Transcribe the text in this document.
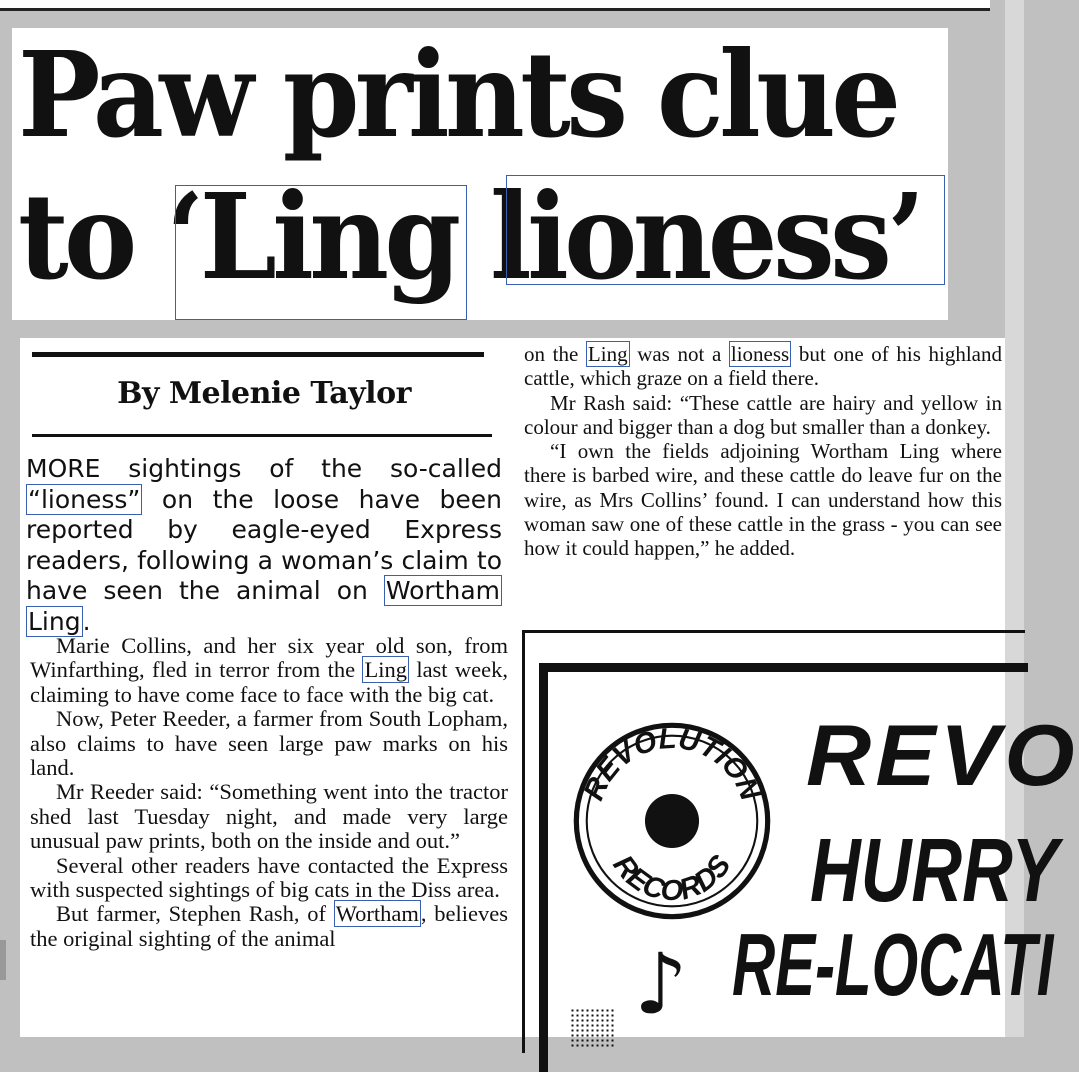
Paw prints clue
to ‘Ling lioness’
By Melenie Taylor
MORE sightings of the so-called “lioness” on the loose have been reported by eagle-eyed Express readers, following a woman’s claim to have seen the animal on Wortham Ling.

Marie Collins, and her six year old son, from Winfarthing, fled in terror from the Ling last week, claiming to have come face to face with the big cat.

Now, Peter Reeder, a farmer from South Lopham, also claims to have seen large paw marks on his land.

Mr Reeder said: “Something went into the tractor shed last Tuesday night, and made very large unusual paw prints, both on the inside and out.”

Several other readers have contacted the Express with suspected sightings of big cats in the Diss area.

But farmer, Stephen Rash, of Wortham, believes the original sighting of the animal

on the Ling was not a lioness but one of his highland cattle, which graze on a field there.

Mr Rash said: “These cattle are hairy and yellow in colour and bigger than a dog but smaller than a donkey.

“I own the fields adjoining Wortham Ling where there is barbed wire, and these cattle do leave fur on the wire, as Mrs Collins’ found. I can understand how this woman saw one of these cattle in the grass - you can see how it could happen,” he added.

REVOLUTION
RECORDS
REVO
HURRY
RE-LOCATI
♪
